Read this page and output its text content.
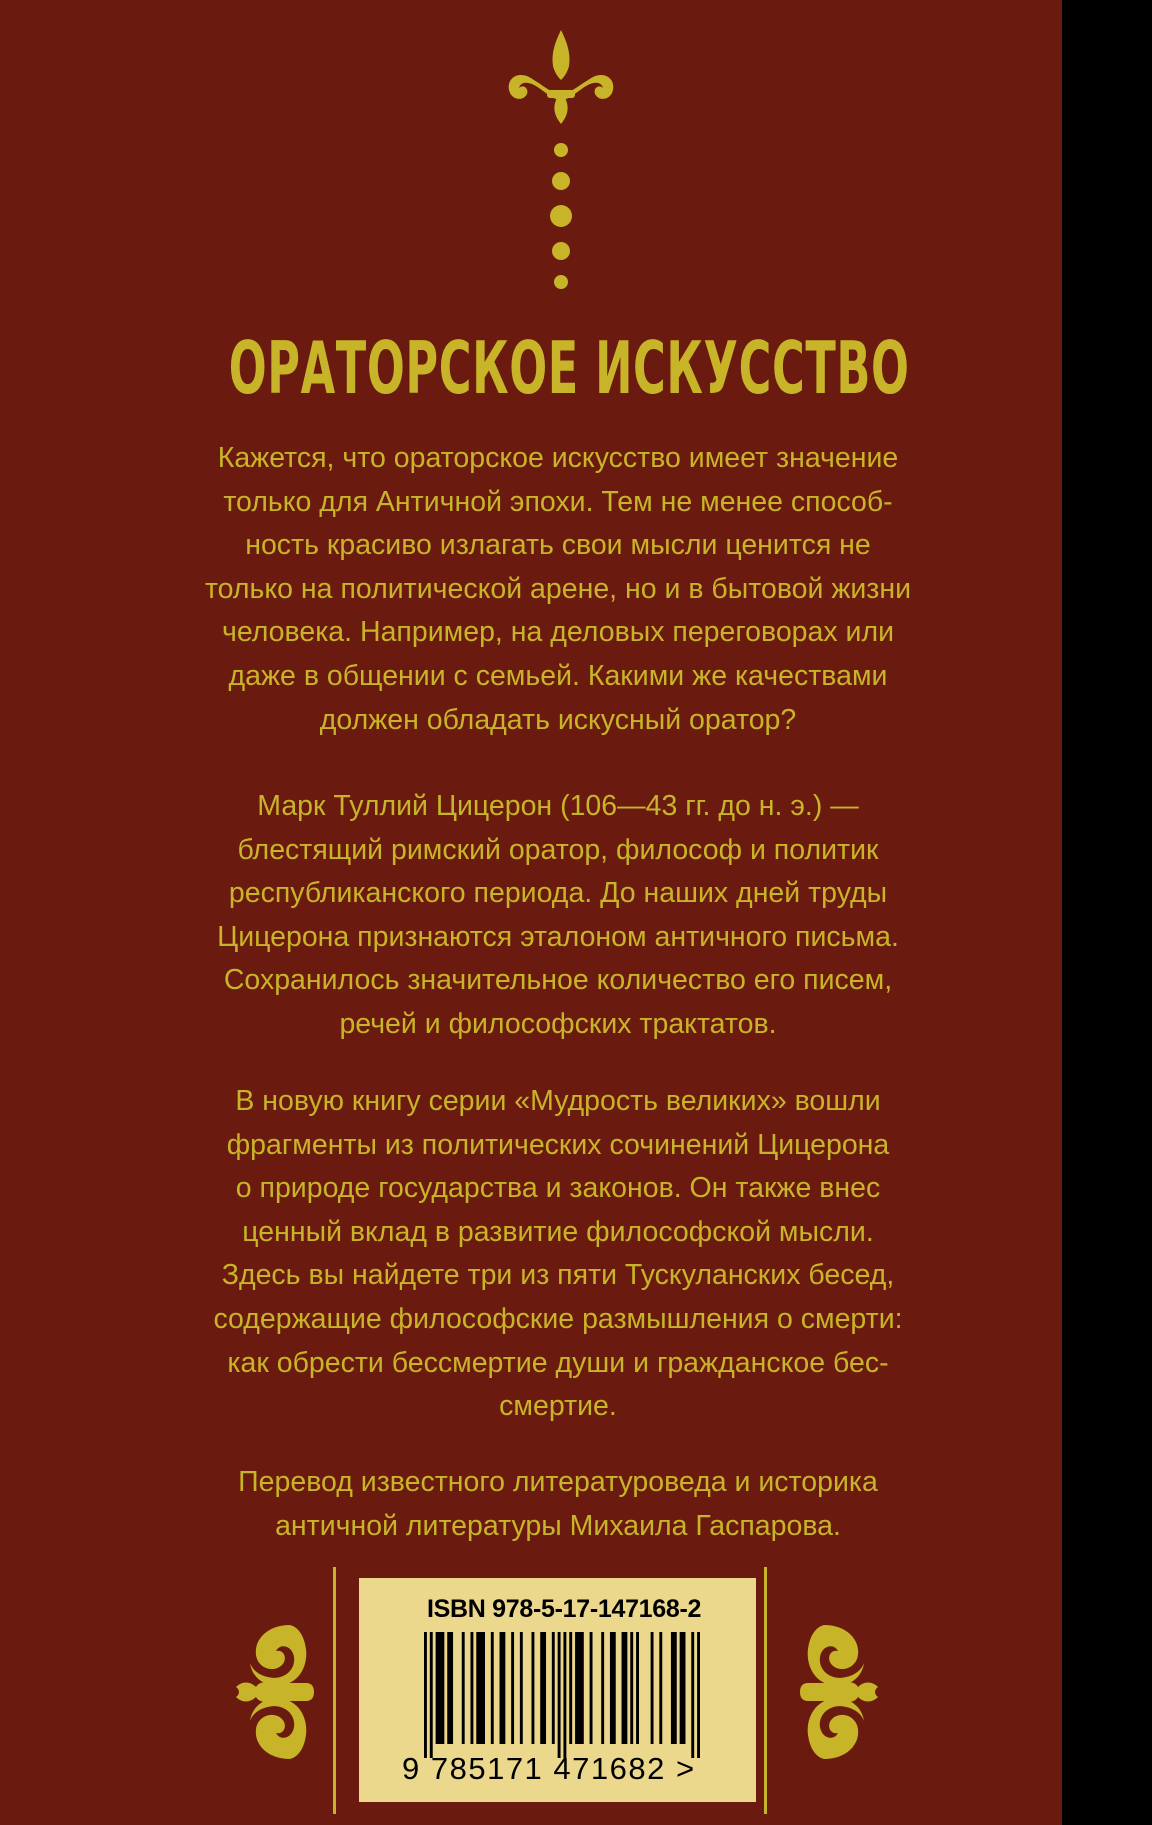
ОРАТОРСКОЕ ИСКУССТВО

Кажется, что ораторское искусство имеет значение
только для Античной эпохи. Тем не менее способ-
ность красиво излагать свои мысли ценится не
только на политической арене, но и в бытовой жизни
человека. Например, на деловых переговорах или
даже в общении с семьей. Какими же качествами
должен обладать искусный оратор?

Марк Туллий Цицерон (106—43 гг. до н. э.) —
блестящий римский оратор, философ и политик
республиканского периода. До наших дней труды
Цицерона признаются эталоном античного письма.
Сохранилось значительное количество его писем,
речей и философских трактатов.

В новую книгу серии «Мудрость великих» вошли
фрагменты из политических сочинений Цицерона
о природе государства и законов. Он также внес
ценный вклад в развитие философской мысли.
Здесь вы найдете три из пяти Тускуланских бесед,
содержащие философские размышления о смерти:
как обрести бессмертие души и гражданское бес-
смертие.

Перевод известного литературоведа и историка
античной литературы Михаила Гаспарова.

ISBN 978-5-17-147168-2
9 785171 471682 >
